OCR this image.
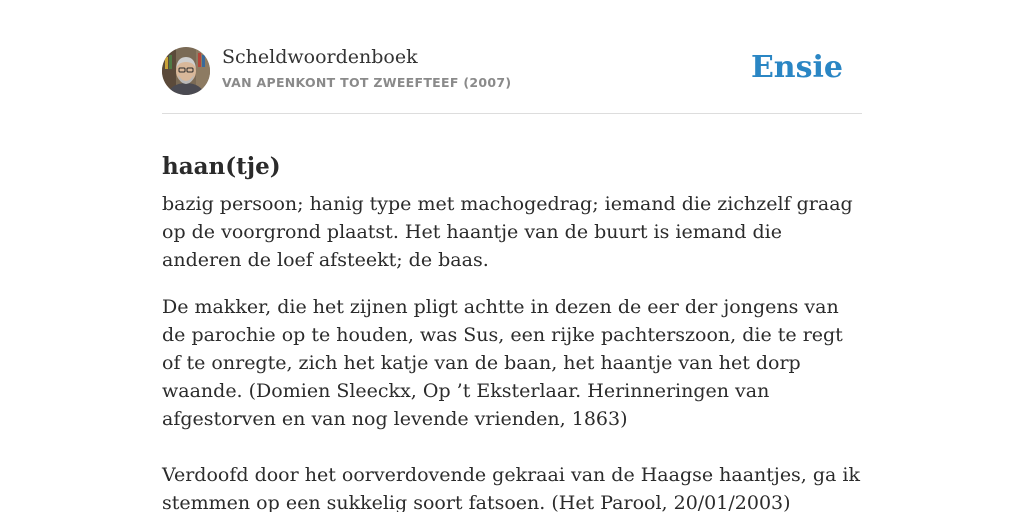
Scheldwoordenboek
VAN APENKONT TOT ZWEEFTEEF (2007)	Ensie
haan(tje)

bazig persoon; hanig type met machogedrag; iemand die zichzelf graag op de voorgrond plaatst. Het haantje van de buurt is iemand die anderen de loef afsteekt; de baas.

De makker, die het zijnen pligt achtte in dezen de eer der jongens van de parochie op te houden, was Sus, een rijke pachterszoon, die te regt of te onregte, zich het katje van de baan, het haantje van het dorp waande. (Domien Sleeckx, Op ’t Eksterlaar. Herinneringen van afgestorven en van nog levende vrienden, 1863)

Verdoofd door het oorverdovende gekraai van de Haagse haantjes, ga ik stemmen op een sukkelig soort fatsoen. (Het Parool, 20/01/2003)
